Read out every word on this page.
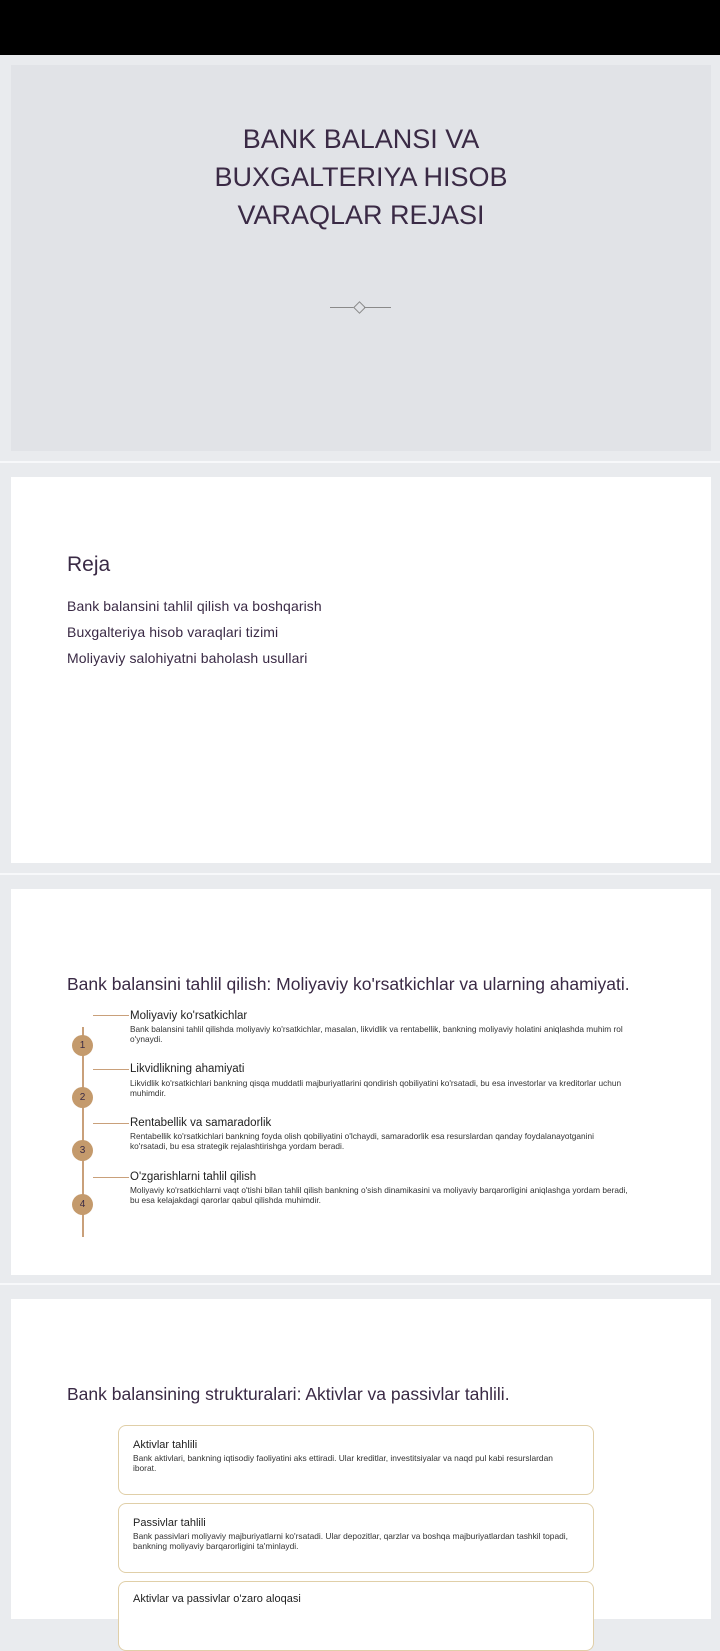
BANK BALANSI VA
BUXGALTERIYA HISOB
VARAQLAR REJASI
Reja
Bank balansini tahlil qilish va boshqarish
Buxgalteriya hisob varaqlari tizimi
Moliyaviy salohiyatni baholash usullari
Bank balansini tahlil qilish: Moliyaviy ko'rsatkichlar va ularning ahamiyati.
1
Moliyaviy ko'rsatkichlar
Bank balansini tahlil qilishda moliyaviy ko'rsatkichlar, masalan, likvidlik va rentabellik, bankning moliyaviy holatini aniqlashda muhim rol o'ynaydi.
2
Likvidlikning ahamiyati
Likvidlik ko'rsatkichlari bankning qisqa muddatli majburiyatlarini qondirish qobiliyatini ko'rsatadi, bu esa investorlar va kreditorlar uchun muhimdir.
3
Rentabellik va samaradorlik
Rentabellik ko'rsatkichlari bankning foyda olish qobiliyatini o'lchaydi, samaradorlik esa resurslardan qanday foydalanayotganini ko'rsatadi, bu esa strategik rejalashtirishga yordam beradi.
4
O'zgarishlarni tahlil qilish
Moliyaviy ko'rsatkichlarni vaqt o'tishi bilan tahlil qilish bankning o'sish dinamikasini va moliyaviy barqarorligini aniqlashga yordam beradi, bu esa kelajakdagi qarorlar qabul qilishda muhimdir.
Bank balansining strukturalari: Aktivlar va passivlar tahlili.
Aktivlar tahlili
Bank aktivlari, bankning iqtisodiy faoliyatini aks ettiradi. Ular kreditlar, investitsiyalar va naqd pul kabi resurslardan iborat.
Passivlar tahlili
Bank passivlari moliyaviy majburiyatlarni ko'rsatadi. Ular depozitlar, qarzlar va boshqa majburiyatlardan tashkil topadi, bankning moliyaviy barqarorligini ta'minlaydi.
Aktivlar va passivlar o'zaro aloqasi
